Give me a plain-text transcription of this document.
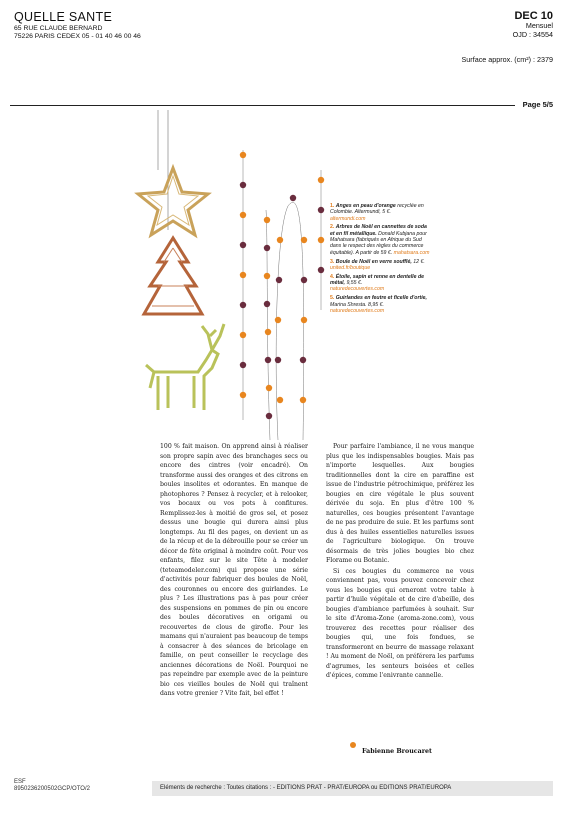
QUELLE SANTE
65 RUE CLAUDE BERNARD
75226 PARIS CEDEX 05 - 01 40 46 00 46
DEC 10
Mensuel
OJD : 34554
Surface approx. (cm²) : 2379
Page 5/5
1. Anges en peau d'orange recyclée en Colombie. Altermundi, 5 €.
altermundi.com
2. Arbres de Noël en cannettes de soda et en fil métallique. Donald Kubjana pour Mahatsara (fabriqués en Afrique du Sud dans le respect des règles du commerce équitable). A partir de 59 €. mahatsara.com
3. Boule de Noël en verre soufflé, 12 €. united.fr/boutique
4. Étoile, sapin et renne en dentelle de métal, 9,55 €.
naturedecouvertes.com
5. Guirlandes en feutre et ficelle d'ortie, Marina Shresta. 8,95 €.
naturedecouvertes.com

100 % fait maison. On apprend ainsi à réaliser son propre sapin avec des branchages secs ou encore des cintres (voir encadré). On transforme aussi des oranges et des citrons en boules insolites et odorantes. En manque de photophores ? Pensez à recycler, et à relooker, vos bocaux ou vos pots à confitures. Remplissez-les à moitié de gros sel, et posez dessus une bougie qui durera ainsi plus longtemps. Au fil des pages, on devient un as de la récup et de la débrouille pour se créer un décor de fête original à moindre coût. Pour vos enfants, filez sur le site Tête à modeler (teteamodeler.com) qui propose une série d'activités pour fabriquer des boules de Noël, des couronnes ou encore des guirlandes. Le plus ? Les illustrations pas à pas pour créer des suspensions en pommes de pin ou encore des boules décoratives en origami ou recouvertes de clous de girofle. Pour les mamans qui n'auraient pas beaucoup de temps à consacrer à des séances de bricolage en famille, on peut conseiller le recyclage des anciennes décorations de Noël. Pourquoi ne pas repeindre par exemple avec de la peinture bio ces vieilles boules de Noël qui traînent dans votre grenier ? Vite fait, bel effet !

Pour parfaire l'ambiance, il ne vous manque plus que les indispensables bougies. Mais pas n'importe lesquelles. Aux bougies traditionnelles dont la cire en paraffine est issue de l'industrie pétrochimique, préférez les bougies en cire végétale le plus souvent dérivée du soja. En plus d'être 100 % naturelles, ces bougies présentent l'avantage de ne pas produire de suie. Et les parfums sont dus à des huiles essentielles naturelles issues de l'agriculture biologique. On trouve désormais de très jolies bougies bio chez Florame ou Botanic.

Si ces bougies du commerce ne vous conviennent pas, vous pouvez concevoir chez vous les bougies qui orneront votre table à partir d'huile végétale et de cire d'abeille, des bougies d'ambiance parfumées à souhait. Sur le site d'Aroma-Zone (aroma-zone.com), vous trouverez des recettes pour réaliser des bougies qui, une fois fondues, se transformeront en beurre de massage relaxant ! Au moment de Noël, on préférera les parfums d'agrumes, les senteurs boisées et celles d'épices, comme l'enivrante cannelle.

Fabienne Broucaret
ESF
8950236200502GCP/OTO/2	Eléments de recherche : Toutes citations : - EDITIONS PRAT - PRAT/EUROPA ou EDITIONS PRAT/EUROPA
